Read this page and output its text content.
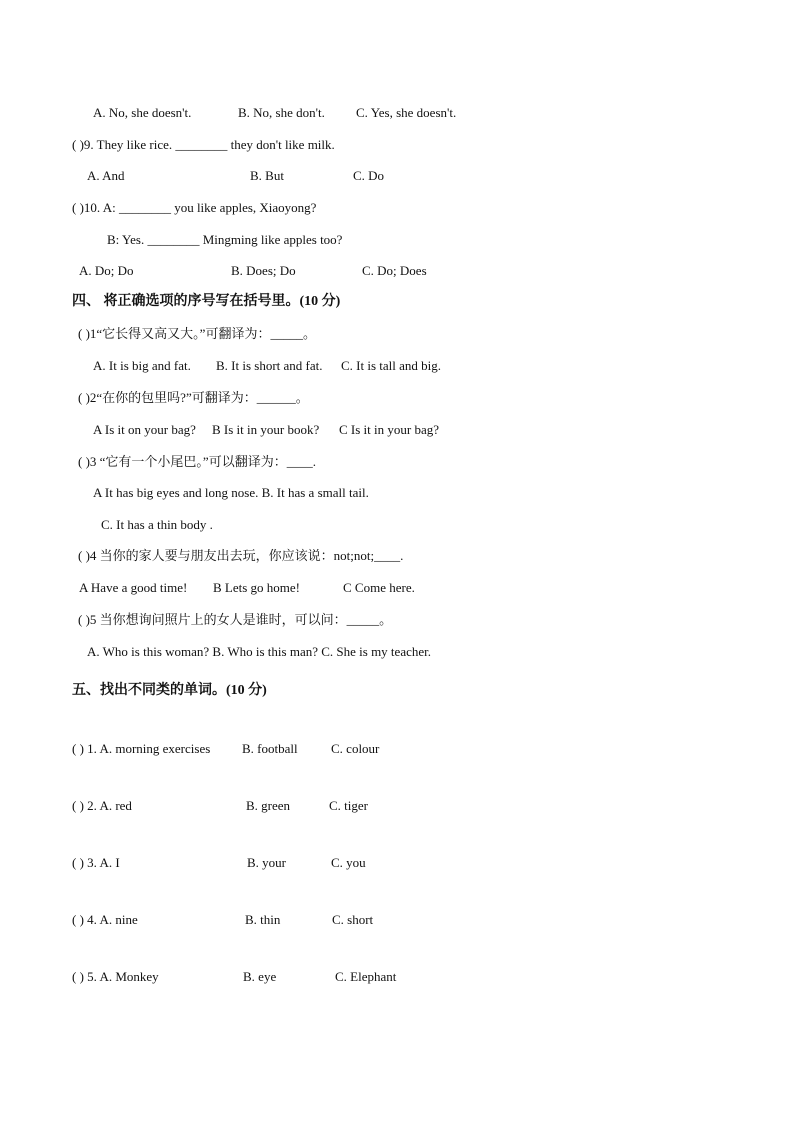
A. No, she doesn't.	B. No, she don't. C. Yes, she doesn't.
( )9. They like rice. ________ they don't like milk.
A. And	B. But	C. Do
( )10. A: ________ you like apples, Xiaoyong?
B: Yes. ________ Mingming like apples too?
A. Do; Do	B. Does; Do	C. Do; Does
四、 将正确选项的序号写在括号里。(10 分)
( )1“它长得又高又大。”可翻译为：_____。
A. It is big and fat. B. It is short and fat. C. It is tall and big.
( )2“在你的包里吗?”可翻译为：______。
A Is it on your bag? B Is it in your book? C Is it in your bag?
( )3 “它有一个小尾巴。”可以翻译为：____.
A It has big eyes and long nose. B. It has a small tail.
C. It has a thin body .
( )4 当你的家人要与朋友出去玩，你应该说：not;not;____.
A Have a good time! B Lets go home!	C Come here.
( )5 当你想询问照片上的女人是谁时，可以问：_____。
A. Who is this woman? B. Who is this man? C. She is my teacher.
五、找出不同类的单词。(10 分)
( ) 1. A. morning exercises B. football	C. colour
( ) 2. A. red	B. green	C. tiger
( ) 3. A. I	B. your	C. you
( ) 4. A. nine	B. thin	C. short
( ) 5. A. Monkey	B. eye	C. Elephant
